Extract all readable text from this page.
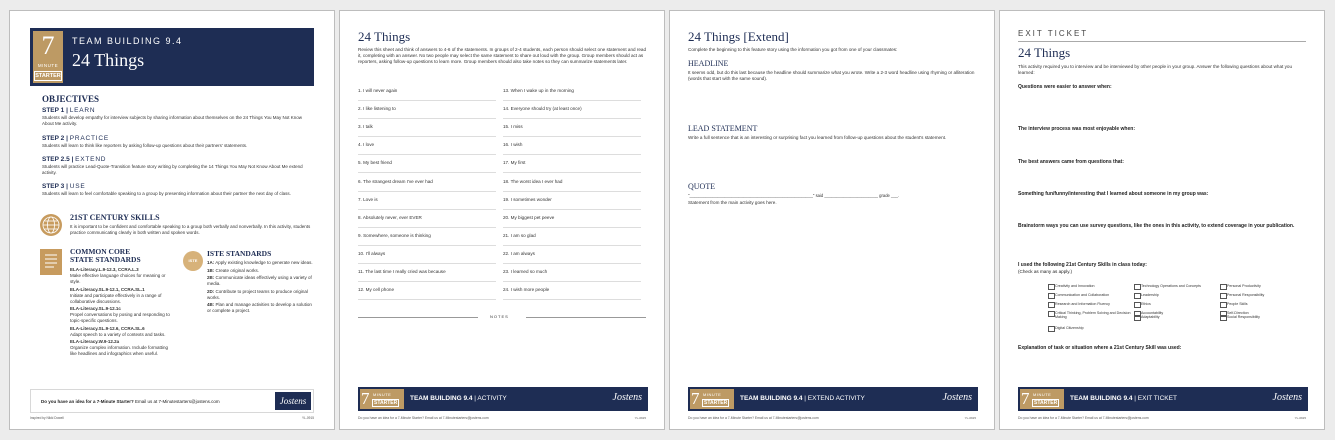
7
MINUTE
STARTER
TEAM BUILDING 9.4
24 Things
OBJECTIVES
STEP 1 | LEARN
Students will develop empathy for interview subjects by sharing information about themselves on the 24 Things You May Not Know About Me activity.
STEP 2 | PRACTICE
Students will learn to think like reporters by asking follow-up questions about their partners' statements.
STEP 2.5 | EXTEND
Students will practice Lead-Quote-Transition feature story writing by completing the 14 Things You May Not Know About Me extend activity.
STEP 3 | USE
Students will learn to feel comfortable speaking to a group by presenting information about their partner the next day of class.
21ST CENTURY SKILLS
It is important to be confident and comfortable speaking to a group both verbally and nonverbally. In this activity, students practice communicating clearly in both written and spoken words.
COMMON CORE
STATE STANDARDS
ELA-Literacy.L.9-12.3, CCRA.L.3
Make effective language choices for meaning or style.
ELA-Literacy.SL.9-12.1, CCRA.SL.1
Initiate and participate effectively in a range of collaborative discussions.
ELA-Literacy.SL.9-12.1c
Propel conversations by posing and responding to topic-specific questions.
ELA-Literacy.SL.9-12.6, CCRA.SL.6
Adapt speech to a variety of contexts and tasks.
ELA-Literacy.W.9-12.2a
Organize complex information. Include formatting like headlines and infographics when useful.
ISTE
ISTE STANDARDS
1A: Apply existing knowledge to generate new ideas.
1B: Create original works.
2B: Communicate ideas effectively using a variety of media.
2D: Contribute to project teams to produce original works.
4B: Plan and manage activities to develop a solution or complete a project.
Do you have an idea for a 7-Minute Starter? Email us at 7-Minutestarters@jostens.com	Jostens
Inspired by Nikki Dowell	YL-0915
24 Things
Review this sheet and think of answers to 4-6 of the statements. In groups of 2-4 students, each person should select one statement and read it, completing with an answer. No two people may select the same statement to share out loud with the group. Group members should act as reporters, asking follow-up questions to learn more. Group members should also take notes so they can summarize statements later.
1. I will never again
2. I like listening to
3. I talk
4. I love
5. My best friend
6. The strangest dream I've ever had
7. Love is
8. Absolutely never, ever EVER
9. Somewhere, someone is thinking
10. I'll always
11. The last time I really cried was because
12. My cell phone
13. When I wake up in the morning
14. Everyone should try (at least once)
15. I miss
16. I wish
17. My first
18. The worst idea I ever had
19. I sometimes wonder
20. My biggest pet peeve
21. I am so glad
22. I am always
23. I learned so much
24. I wish more people
NOTES
7 MINUTE
STARTER
TEAM BUILDING 9.4 | ACTIVITY	Jostens
Do you have an idea for a 7-Minute Starter? Email us at 7-Minutestarters@jostens.com	YL-0915
24 Things [Extend]
Complete the beginning to this feature story using the information you got from one of your classmates:
HEADLINE
It seems odd, but do this last because the headline should summarize what you wrote. Write a 2-3 word headline using rhyming or alliteration (words that start with the same sound).
LEAD STATEMENT
Write a full sentence that is an interesting or surprising fact you learned from follow-up questions about the student's statement.
QUOTE
"_____________________________________________________" said _______________________ grade ___.
Statement from the main activity goes here.
7 MINUTE
STARTER
TEAM BUILDING 9.4 | EXTEND ACTIVITY	Jostens
Do you have an idea for a 7-Minute Starter? Email us at 7-Minutestarters@jostens.com	YL-0915
EXIT TICKET
24 Things
This activity required you to interview and be interviewed by other people in your group. Answer the following questions about what you learned:
Questions were easier to answer when:
The interview process was most enjoyable when:
The best answers came from questions that:
Something fun/funny/interesting that I learned about someone in my group was:
Brainstorm ways you can use survey questions, like the ones in this activity, to extend coverage in your publication.
I used the following 21st Century Skills in class today:
(Check as many as apply.)
Creativity and Innovation
Communication and Collaboration
Research and Information Fluency
Critical Thinking, Problem Solving and Decision Making
Digital Citizenship
Technology Operations and Concepts
Leadership
Ethics
Accountability
Adaptability
Personal Productivity
Personal Responsibility
People Skills
Self-Direction
Social Responsibility
Explanation of task or situation where a 21st Century Skill was used:
7 MINUTE
STARTER
TEAM BUILDING 9.4 | EXIT TICKET	Jostens
Do you have an idea for a 7-Minute Starter? Email us at 7-Minutestarters@jostens.com	YL-0915
